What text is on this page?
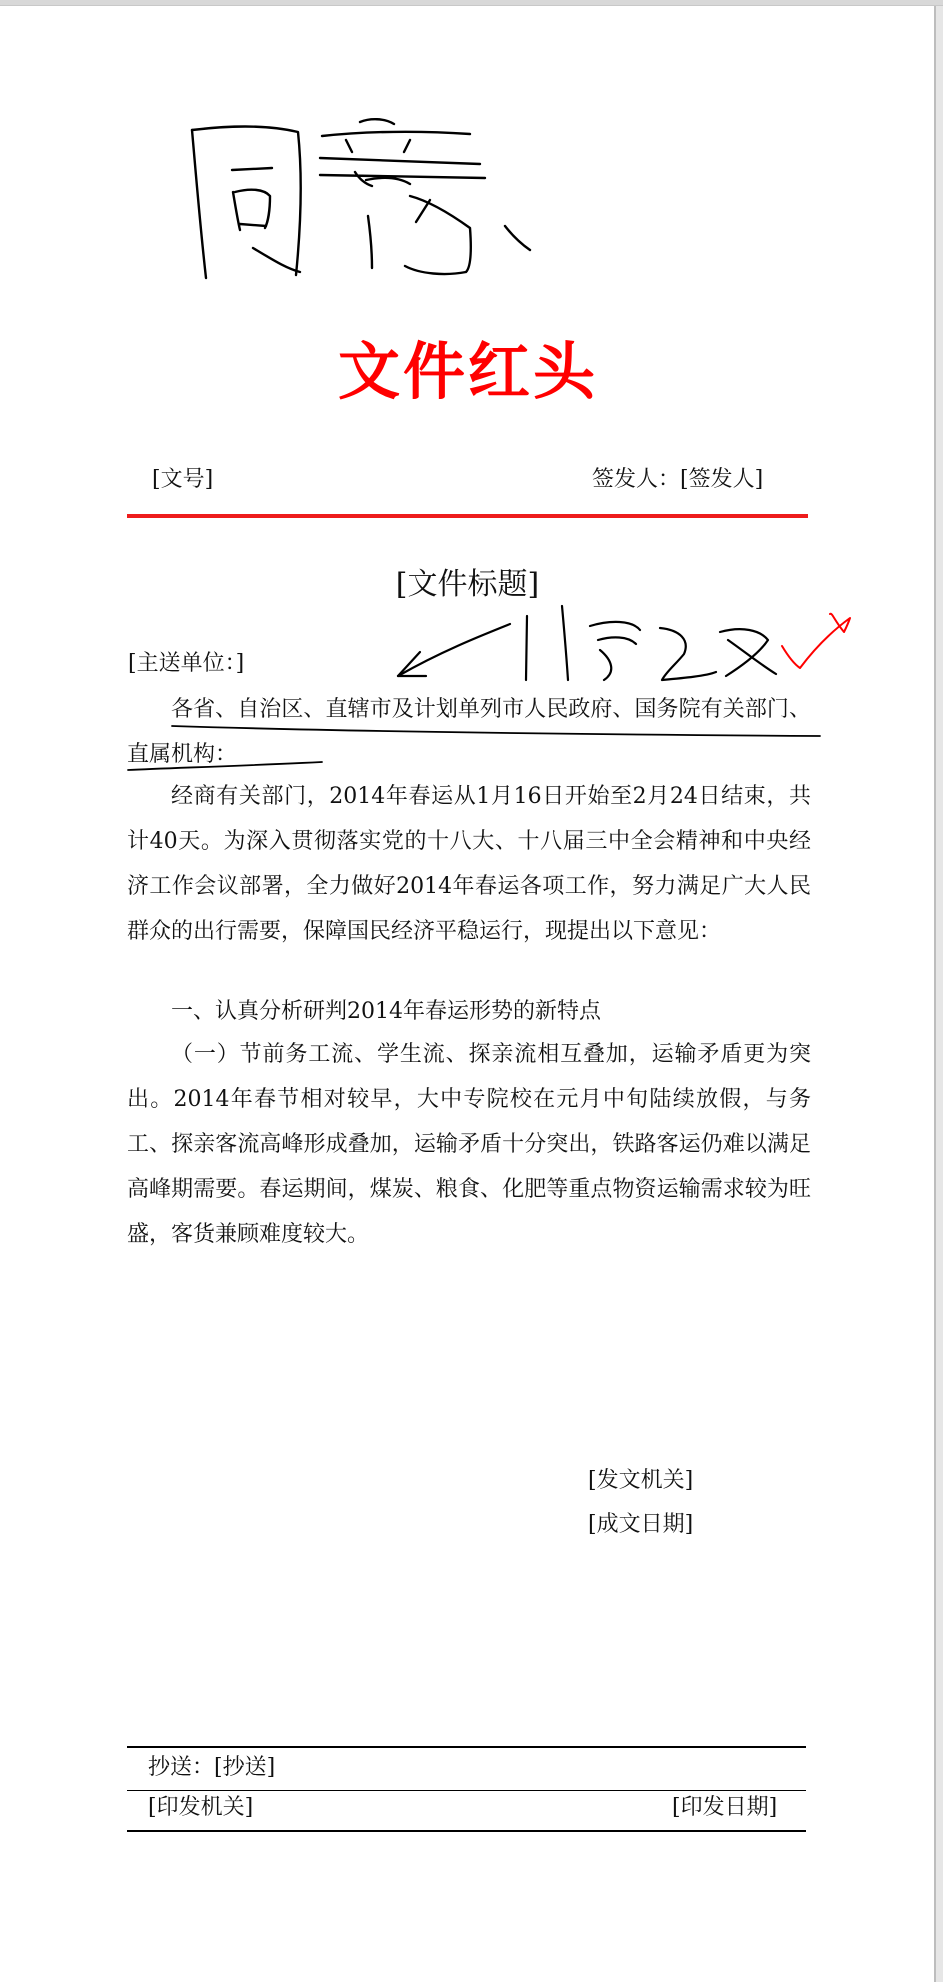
文件红头
[文号]	签发人：[签发人]
[文件标题]
[主送单位：]
各省、自治区、直辖市及计划单列市人民政府、国务院有关部门、直属机构：
经商有关部门，2014年春运从1月16日开始至2月24日结束，共计40天。为深入贯彻落实党的十八大、十八届三中全会精神和中央经济工作会议部署，全力做好2014年春运各项工作，努力满足广大人民群众的出行需要，保障国民经济平稳运行，现提出以下意见：
一、认真分析研判2014年春运形势的新特点
（一）节前务工流、学生流、探亲流相互叠加，运输矛盾更为突出。2014年春节相对较早，大中专院校在元月中旬陆续放假，与务工、探亲客流高峰形成叠加，运输矛盾十分突出，铁路客运仍难以满足高峰期需要。春运期间，煤炭、粮食、化肥等重点物资运输需求较为旺盛，客货兼顾难度较大。
[发文机关]
[成文日期]
抄送：[抄送]
[印发机关]	[印发日期]
